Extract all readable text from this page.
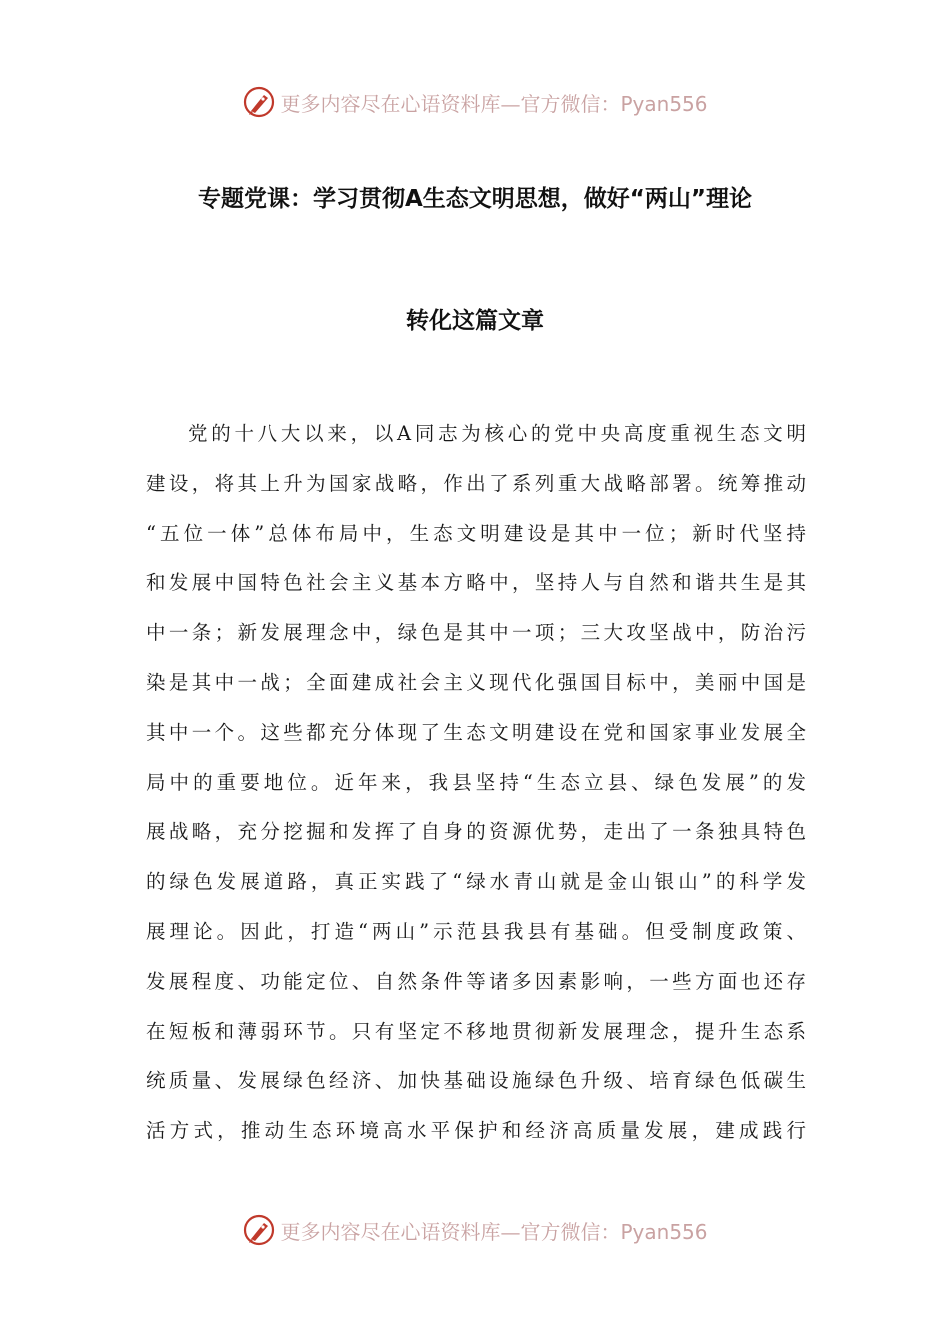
更多内容尽在心语资料库—官方微信：Pyan556
专题党课：学习贯彻A生态文明思想，做好“两山”理论
转化这篇文章
党的十八大以来，以A同志为核心的党中央高度重视生态文明
建设，将其上升为国家战略，作出了系列重大战略部署。统筹推动
“五位一体”总体布局中，生态文明建设是其中一位；新时代坚持
和发展中国特色社会主义基本方略中，坚持人与自然和谐共生是其
中一条；新发展理念中，绿色是其中一项；三大攻坚战中，防治污
染是其中一战；全面建成社会主义现代化强国目标中，美丽中国是
其中一个。这些都充分体现了生态文明建设在党和国家事业发展全
局中的重要地位。近年来，我县坚持“生态立县、绿色发展”的发
展战略，充分挖掘和发挥了自身的资源优势，走出了一条独具特色
的绿色发展道路，真正实践了“绿水青山就是金山银山”的科学发
展理论。因此，打造“两山”示范县我县有基础。但受制度政策、
发展程度、功能定位、自然条件等诸多因素影响，一些方面也还存
在短板和薄弱环节。只有坚定不移地贯彻新发展理念，提升生态系
统质量、发展绿色经济、加快基础设施绿色升级、培育绿色低碳生
活方式，推动生态环境高水平保护和经济高质量发展，建成践行
更多内容尽在心语资料库—官方微信：Pyan556
